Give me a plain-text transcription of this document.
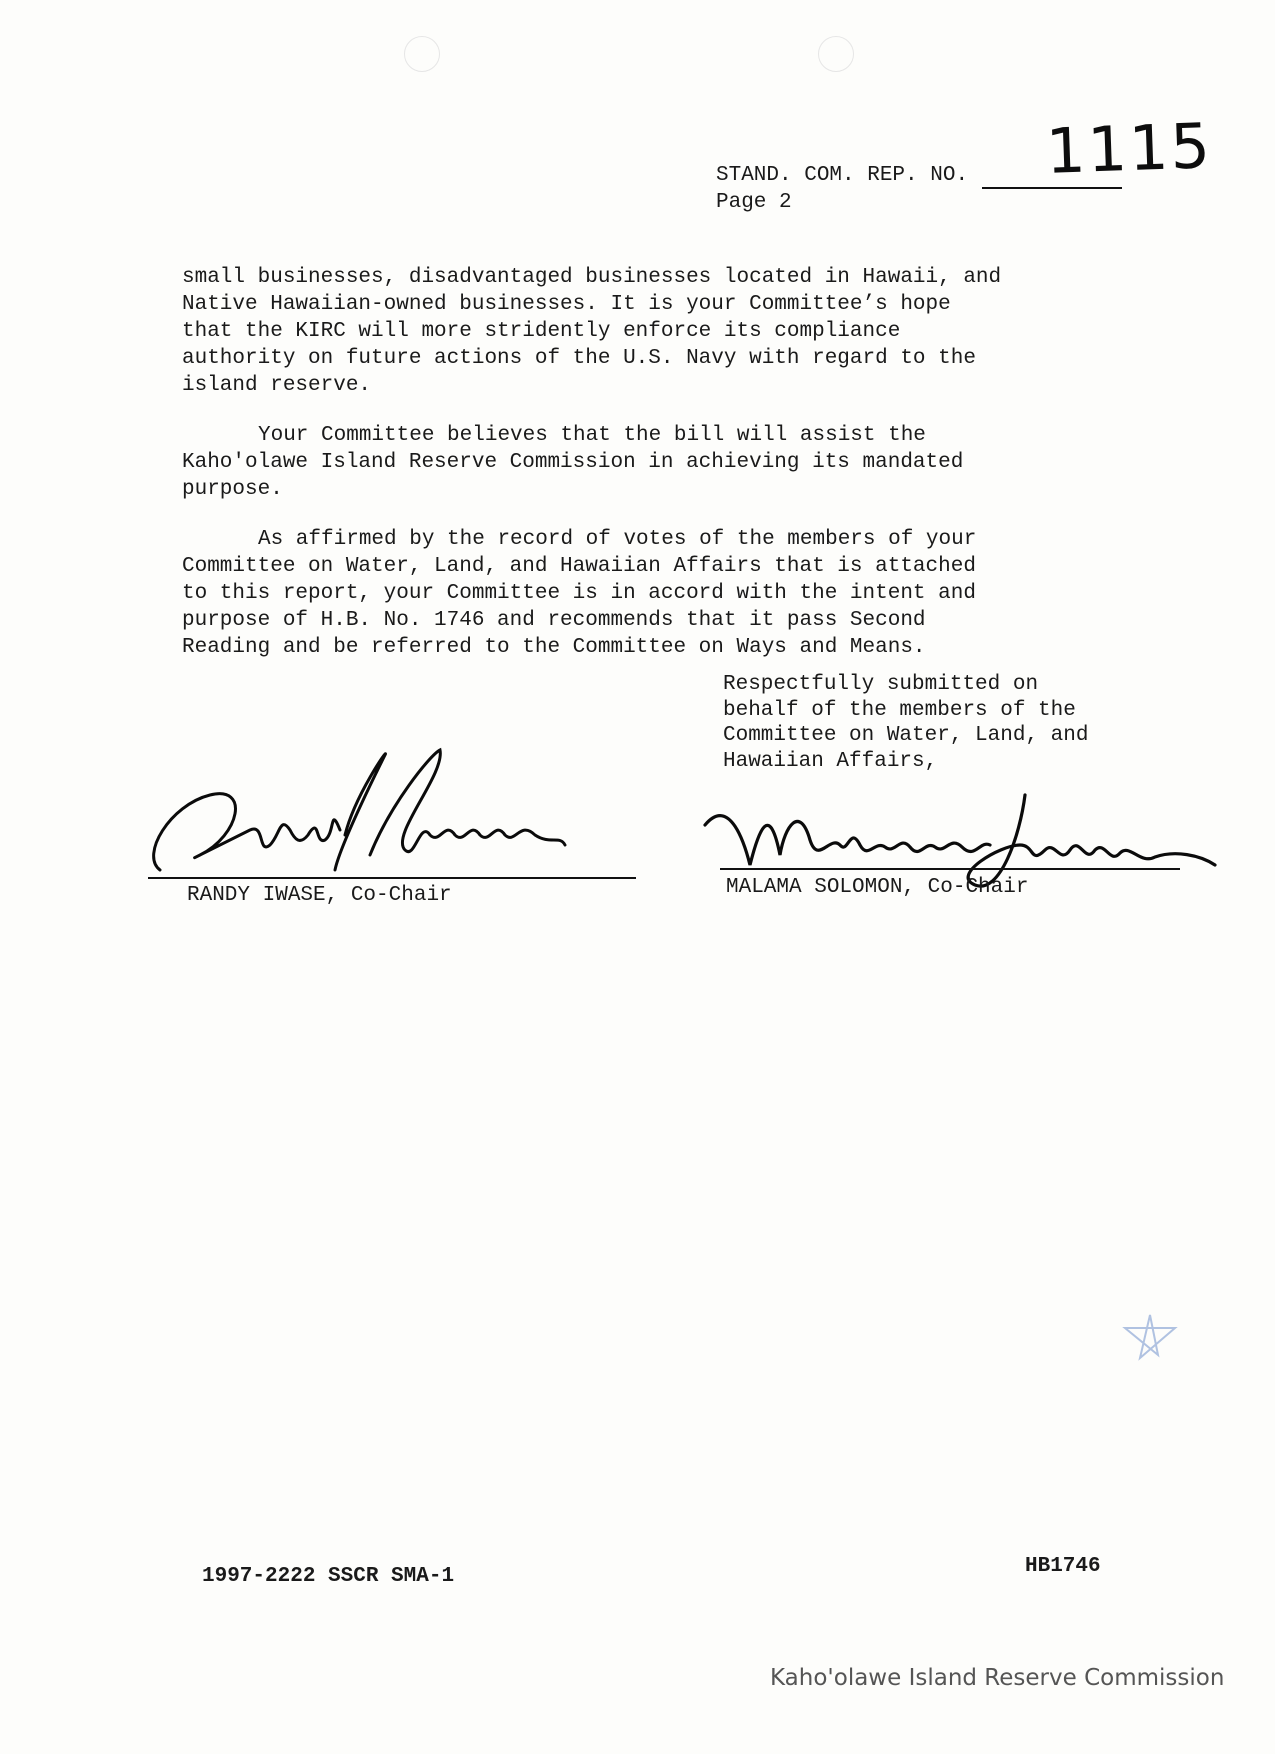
STAND. COM. REP. NO.
Page 2
1115

small businesses, disadvantaged businesses located in Hawaii, and
Native Hawaiian-owned businesses. It is your Committee’s hope
that the KIRC will more stridently enforce its compliance
authority on future actions of the U.S. Navy with regard to the
island reserve.

Your Committee believes that the bill will assist the
Kaho'olawe Island Reserve Commission in achieving its mandated
purpose.

As affirmed by the record of votes of the members of your
Committee on Water, Land, and Hawaiian Affairs that is attached
to this report, your Committee is in accord with the intent and
purpose of H.B. No. 1746 and recommends that it pass Second
Reading and be referred to the Committee on Ways and Means.

Respectfully submitted on
behalf of the members of the
Committee on Water, Land, and
Hawaiian Affairs,
RANDY IWASE, Co-Chair	MALAMA SOLOMON, Co-Chair
1997-2222 SSCR SMA-1	HB1746
Kaho'olawe Island Reserve Commission
